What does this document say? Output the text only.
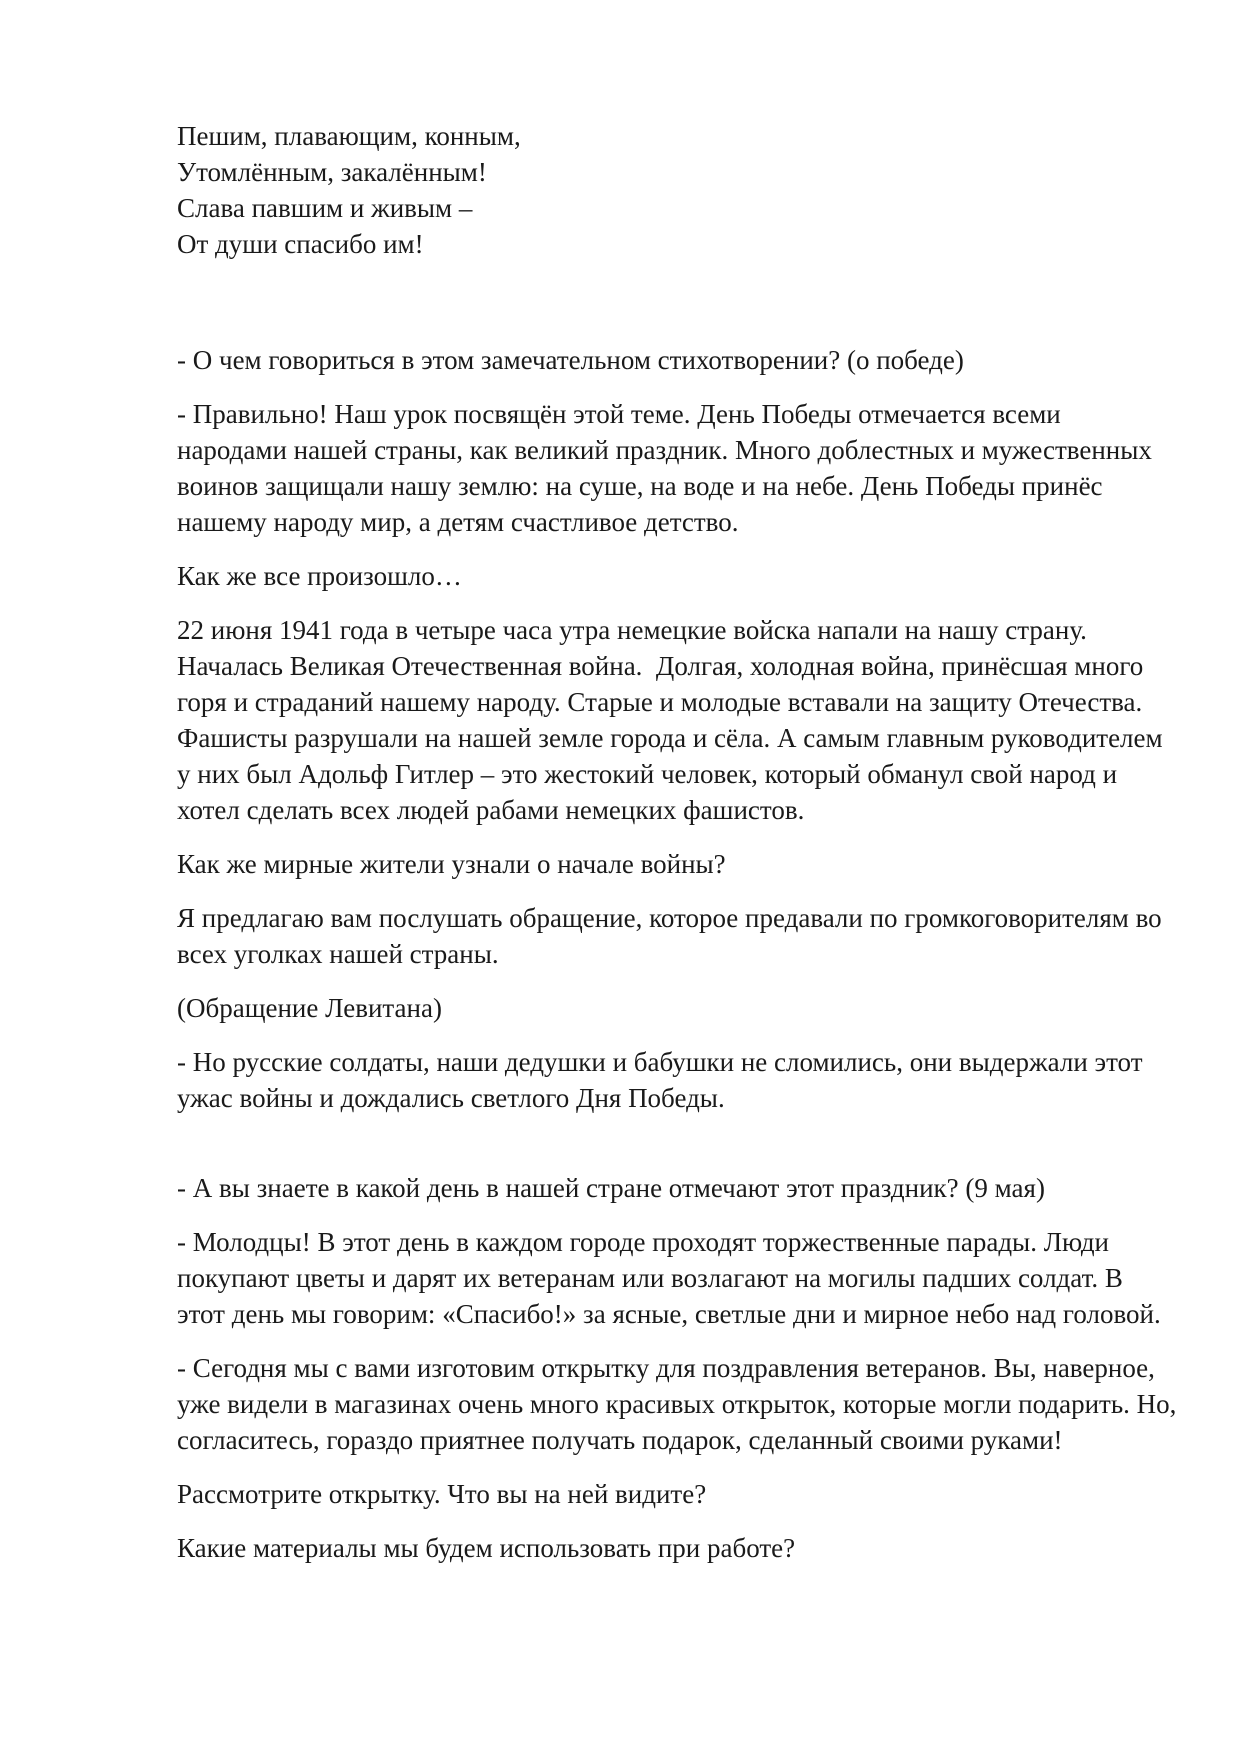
Пешим, плавающим, конным,

Утомлённым, закалённым!

Слава павшим и живым –

От души спасибо им!

- О чем говориться в этом замечательном стихотворении? (о победе)

- Правильно! Наш урок посвящён этой теме. День Победы отмечается всеми народами нашей страны, как великий праздник. Много доблестных и мужественных воинов защищали нашу землю: на суше, на воде и на небе. День Победы принёс нашему народу мир, а детям счастливое детство.

Как же все произошло…

22 июня 1941 года в четыре часа утра немецкие войска напали на нашу страну. Началась Великая Отечественная война.  Долгая, холодная война, принёсшая много горя и страданий нашему народу. Старые и молодые вставали на защиту Отечества. Фашисты разрушали на нашей земле города и сёла. А самым главным руководителем у них был Адольф Гитлер – это жестокий человек, который обманул свой народ и хотел сделать всех людей рабами немецких фашистов.

Как же мирные жители узнали о начале войны?

Я предлагаю вам послушать обращение, которое предавали по громкоговорителям во всех уголках нашей страны.

(Обращение Левитана)

- Но русские солдаты, наши дедушки и бабушки не сломились, они выдержали этот ужас войны и дождались светлого Дня Победы.

- А вы знаете в какой день в нашей стране отмечают этот праздник? (9 мая)

- Молодцы! В этот день в каждом городе проходят торжественные парады. Люди покупают цветы и дарят их ветеранам или возлагают на могилы падших солдат. В этот день мы говорим: «Спасибо!» за ясные, светлые дни и мирное небо над головой.

- Сегодня мы с вами изготовим открытку для поздравления ветеранов. Вы, наверное, уже видели в магазинах очень много красивых открыток, которые могли подарить. Но, согласитесь, гораздо приятнее получать подарок, сделанный своими руками!

Рассмотрите открытку. Что вы на ней видите?

Какие материалы мы будем использовать при работе?
